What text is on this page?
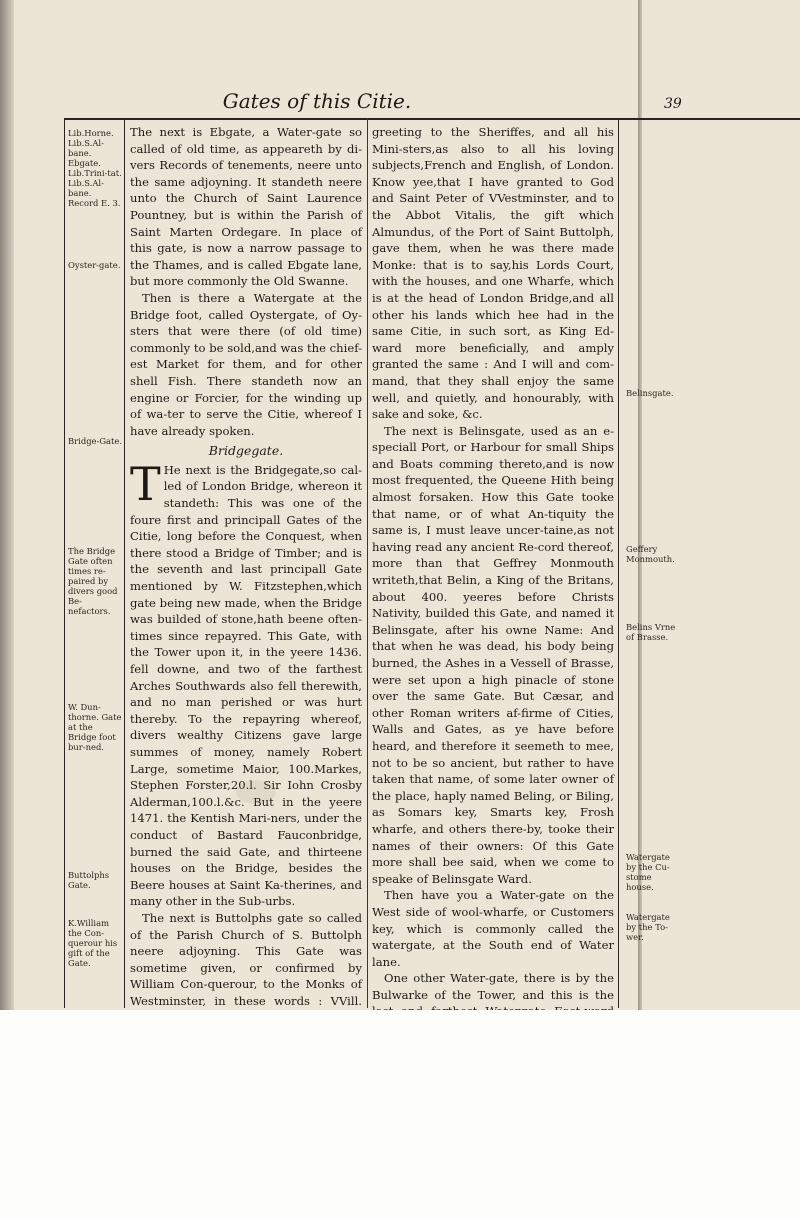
Gates of this Citie.	39
Lib.Horne. Lib.S.Al-bane. Ebgate. Lib.Trini-tat. Lib.S.Al-bane. Record E. 3.
Oyster-gate.
Bridge-Gate.
The Bridge Gate often times re-paired by divers good Be-nefactors.
W. Dun-thorne. Gate at the Bridge foot bur-ned.
Buttolphs Gate.
K.William the Con-querour his gift of the Gate.
Belinsgate.
Geffery Monmouth.
Belins Vrne of Brasse.
Watergate by the Cu-stome house.
Watergate by the To-wer.

The next is Ebgate, a Water-gate so called of old time, as appeareth by di-vers Records of tenements, neere unto the same adjoyning. It standeth neere unto the Church of Saint Laurence Pountney, but is within the Parish of Saint Marten Ordegare. In place of this gate, is now a narrow passage to the Thames, and is called Ebgate lane, but more commonly the Old Swanne.

Then is there a Watergate at the Bridge foot, called Oystergate, of Oy-sters that were there (of old time) commonly to be sold,and was the chief-est Market for them, and for other shell Fish. There standeth now an engine or Forcier, for the winding up of wa-ter to serve the Citie, whereof I have already spoken.

Bridgegate.

T He next is the Bridgegate,so cal-led of London Bridge, whereon it standeth: This was one of the foure first and principall Gates of the Citie, long before the Conquest, when there stood a Bridge of Timber; and is the seventh and last principall Gate mentioned by W. Fitzstephen,which gate being new made, when the Bridge was builded of stone,hath beene often-times since repayred. This Gate, with the Tower upon it, in the yeere 1436. fell downe, and two of the farthest Arches Southwards also fell therewith, and no man perished or was hurt thereby. To the repayring whereof, divers wealthy Citizens gave large summes of money, namely Robert Large, sometime Maior, 100.Markes, Stephen Forster,20.l. Sir Iohn Crosby Alderman,100.l.&c. But in the yeere 1471. the Kentish Mari-ners, under the conduct of Bastard Fauconbridge, burned the said Gate, and thirteene houses on the Bridge, besides the Beere houses at Saint Ka-therines, and many other in the Sub-urbs.

The next is Buttolphs gate so called of the Parish Church of S. Buttolph neere adjoyning. This Gate was sometime given, or confirmed by William Con-querour, to the Monks of Westminster, in these words : VVill.

greeting to the Sheriffes, and all his Mini-sters,as also to all his loving subjects,French and English, of London. Know yee,that I have granted to God and Saint Peter of VVestminster, and to the Abbot Vitalis, the gift which Almundus, of the Port of Saint Buttolph, gave them, when he was there made Monke: that is to say,his Lords Court, with the houses, and one Wharfe, which is at the head of London Bridge,and all other his lands which hee had in the same Citie, in such sort, as King Ed-ward more beneficially, and amply granted the same : And I will and com-mand, that they shall enjoy the same well, and quietly, and honourably, with sake and soke, &c.

The next is Belinsgate, used as an e-speciall Port, or Harbour for small Ships and Boats comming thereto,and is now most frequented, the Queene Hith being almost forsaken. How this Gate tooke that name, or of what An-tiquity the same is, I must leave uncer-taine,as not having read any ancient Re-cord thereof, more than that Geffrey Monmouth writeth,that Belin, a King of the Britans, about 400. yeeres before Christs Nativity, builded this Gate, and named it Belinsgate, after his owne Name: And that when he was dead, his body being burned, the Ashes in a Vessell of Brasse, were set upon a high pinacle of stone over the same Gate. But Cæsar, and other Roman writers af-firme of Cities, Walls and Gates, as ye have before heard, and therefore it seemeth to mee, not to be so ancient, but rather to have taken that name, of some later owner of the place, haply named Beling, or Biling, as Somars key, Smarts key, Frosh wharfe, and others there-by, tooke their names of their owners: Of this Gate more shall bee said, when we come to speake of Belinsgate Ward.

Then have you a Water-gate on the West side of wool-wharfe, or Customers key, which is commonly called the watergate, at the South end of Water lane.

One other Water-gate, there is by the Bulwarke of the Tower, and this is the
